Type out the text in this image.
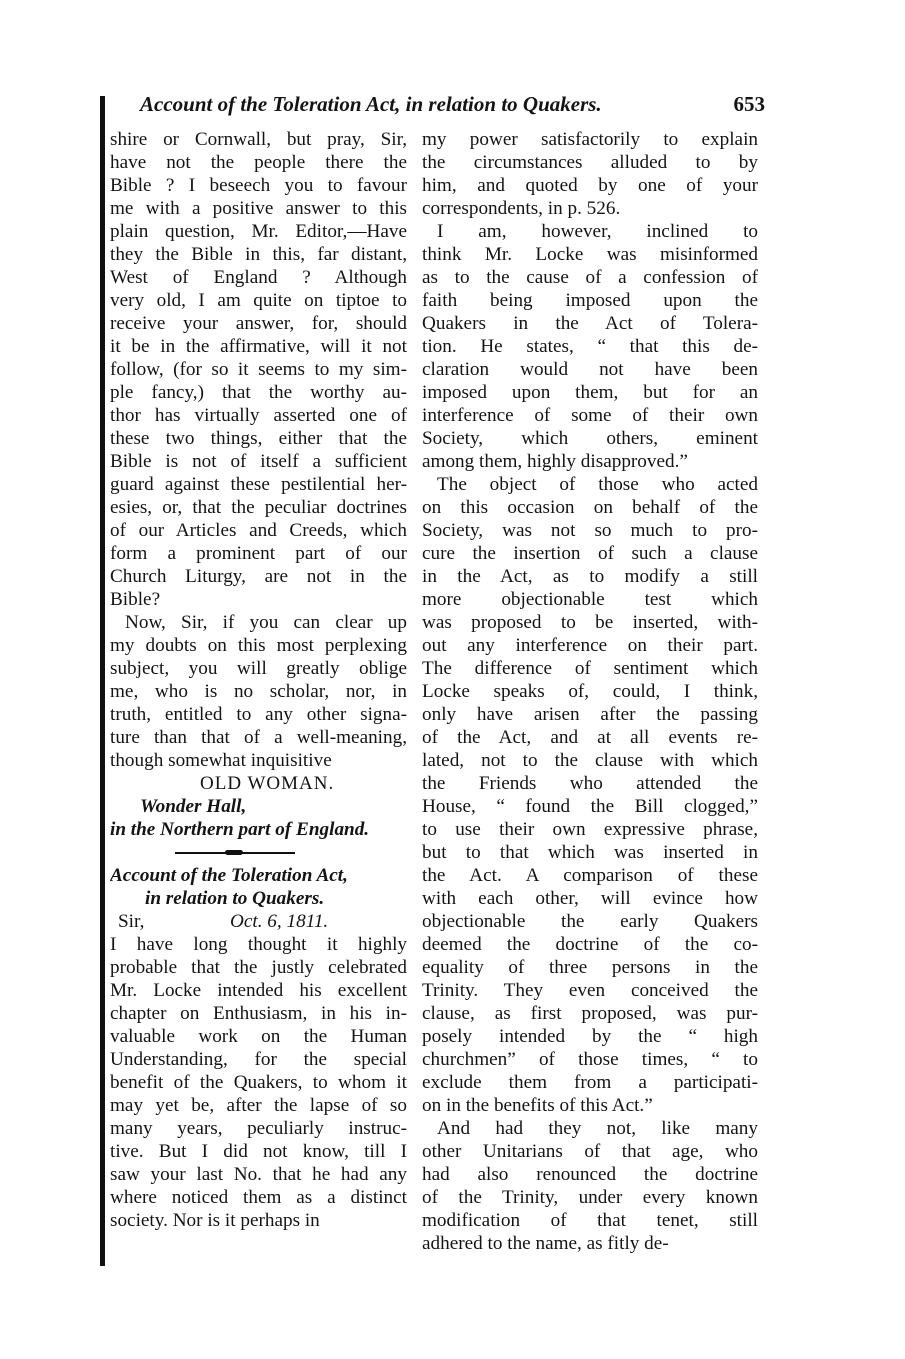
Account of the Toleration Act, in relation to Quakers.	653
shire or Cornwall, but pray, Sir,
have not the people there the
Bible ? I beseech you to favour
me with a positive answer to this
plain question, Mr. Editor,—Have
they the Bible in this, far distant,
West of England ? Although
very old, I am quite on tiptoe to
receive your answer, for, should
it be in the affirmative, will it not
follow, (for so it seems to my sim-
ple fancy,) that the worthy au-
thor has virtually asserted one of
these two things, either that the
Bible is not of itself a sufficient
guard against these pestilential her-
esies, or, that the peculiar doctrines
of our Articles and Creeds, which
form a prominent part of our
Church Liturgy, are not in the
Bible?
Now, Sir, if you can clear up
my doubts on this most perplexing
subject, you will greatly oblige
me, who is no scholar, nor, in
truth, entitled to any other signa-
ture than that of a well-meaning,
though somewhat inquisitive
OLD WOMAN.
Wonder Hall,
in the Northern part of England.
Account of the Toleration Act,
in relation to Quakers.
Sir,	Oct. 6, 1811.
I have long thought it highly
probable that the justly celebrated
Mr. Locke intended his excellent
chapter on Enthusiasm, in his in-
valuable work on the Human
Understanding, for the special
benefit of the Quakers, to whom it
may yet be, after the lapse of so
many years, peculiarly instruc-
tive. But I did not know, till I
saw your last No. that he had any
where noticed them as a distinct
society. Nor is it perhaps in
my power satisfactorily to explain
the circumstances alluded to by
him, and quoted by one of your
correspondents, in p. 526.
I am, however, inclined to
think Mr. Locke was misinformed
as to the cause of a confession of
faith being imposed upon the
Quakers in the Act of Tolera-
tion. He states, “ that this de-
claration would not have been
imposed upon them, but for an
interference of some of their own
Society, which others, eminent
among them, highly disapproved.”
The object of those who acted
on this occasion on behalf of the
Society, was not so much to pro-
cure the insertion of such a clause
in the Act, as to modify a still
more objectionable test which
was proposed to be inserted, with-
out any interference on their part.
The difference of sentiment which
Locke speaks of, could, I think,
only have arisen after the passing
of the Act, and at all events re-
lated, not to the clause with which
the Friends who attended the
House, “ found the Bill clogged,”
to use their own expressive phrase,
but to that which was inserted in
the Act. A comparison of these
with each other, will evince how
objectionable the early Quakers
deemed the doctrine of the co-
equality of three persons in the
Trinity. They even conceived the
clause, as first proposed, was pur-
posely intended by the “ high
churchmen” of those times, “ to
exclude them from a participati-
on in the benefits of this Act.”
And had they not, like many
other Unitarians of that age, who
had also renounced the doctrine
of the Trinity, under every known
modification of that tenet, still
adhered to the name, as fitly de-
